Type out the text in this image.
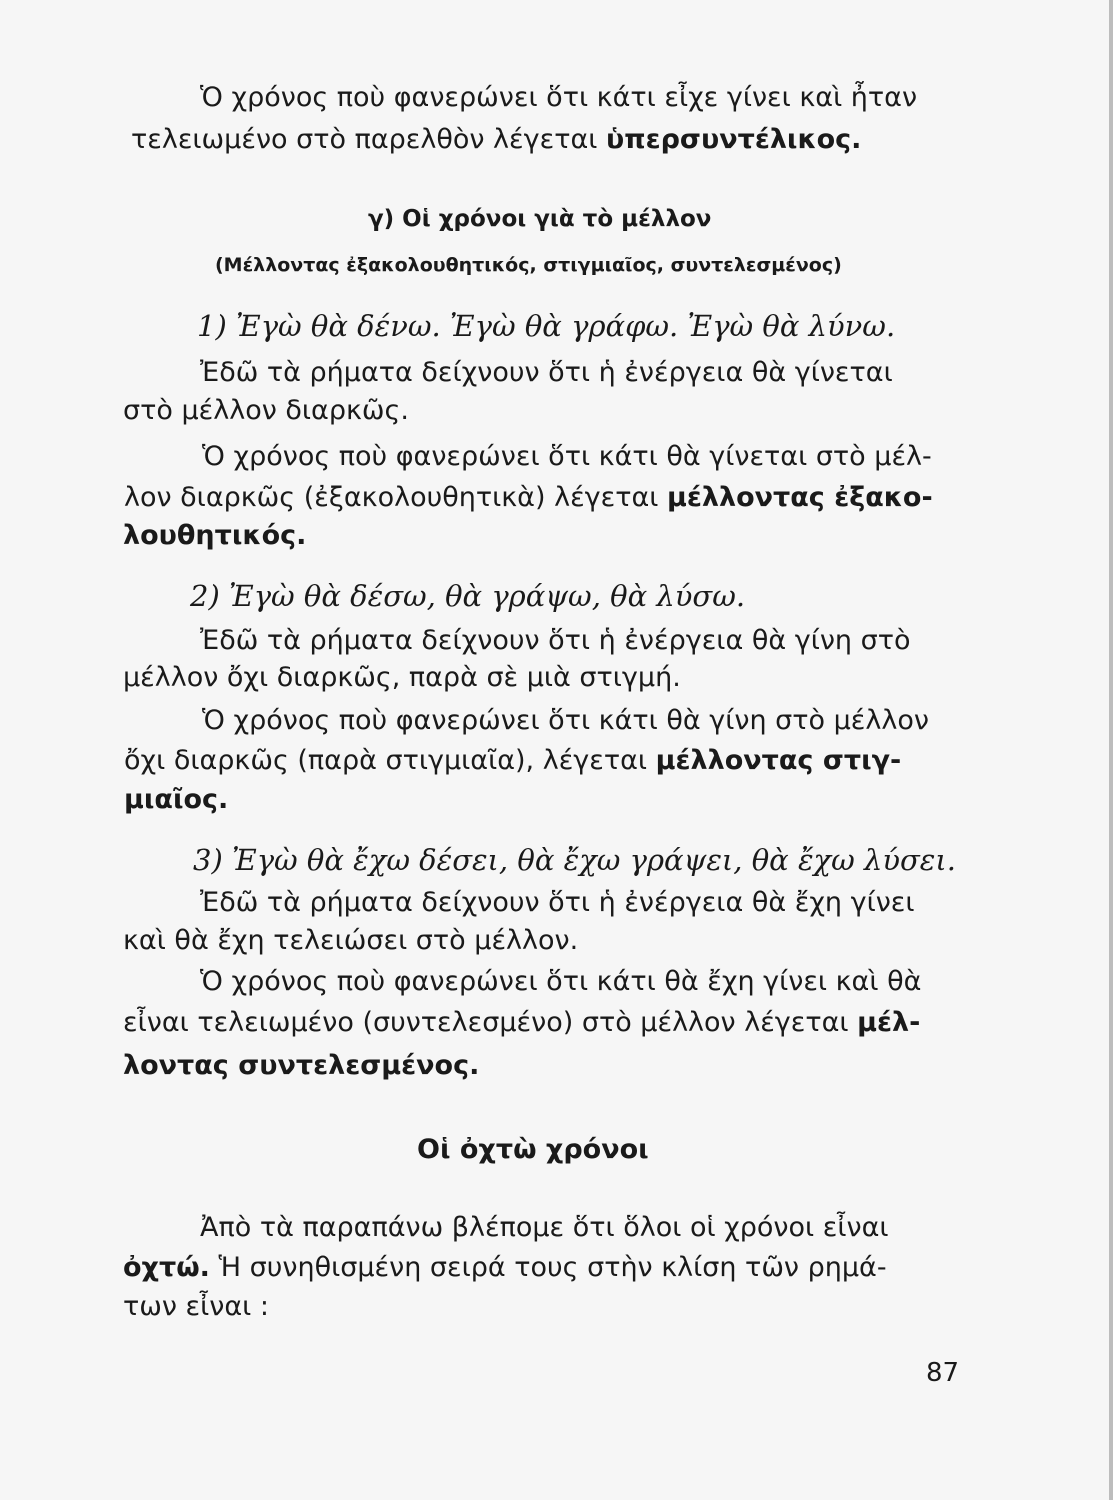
Ὁ χρόνος ποὺ φανερώνει ὅτι κάτι εἶχε γίνει καὶ ἦταν
τελειωμένο στὸ παρελθὸν λέγεται ὑπερσυντέλικος.
γ) Οἱ χρόνοι γιὰ τὸ μέλλον
(Μέλλοντας ἐξακολουθητικός, στιγμιαῖος, συντελεσμένος)
1) Ἐγὼ θὰ δένω. Ἐγὼ θὰ γράφω. Ἐγὼ θὰ λύνω.
Ἐδῶ τὰ ρήματα δείχνουν ὅτι ἡ ἐνέργεια θὰ γίνεται
στὸ μέλλον διαρκῶς.
Ὁ χρόνος ποὺ φανερώνει ὅτι κάτι θὰ γίνεται στὸ μέλ-
λον διαρκῶς (ἐξακολουθητικὰ) λέγεται μέλλοντας ἐξακο-
λουθητικός.
2) Ἐγὼ θὰ δέσω, θὰ γράψω, θὰ λύσω.
Ἐδῶ τὰ ρήματα δείχνουν ὅτι ἡ ἐνέργεια θὰ γίνη στὸ
μέλλον ὄχι διαρκῶς, παρὰ σὲ μιὰ στιγμή.
Ὁ χρόνος ποὺ φανερώνει ὅτι κάτι θὰ γίνη στὸ μέλλον
ὄχι διαρκῶς (παρὰ στιγμιαῖα), λέγεται μέλλοντας στιγ-
μιαῖος.
3) Ἐγὼ θὰ ἔχω δέσει, θὰ ἔχω γράψει, θὰ ἔχω λύσει.
Ἐδῶ τὰ ρήματα δείχνουν ὅτι ἡ ἐνέργεια θὰ ἔχη γίνει
καὶ θὰ ἔχη τελειώσει στὸ μέλλον.
Ὁ χρόνος ποὺ φανερώνει ὅτι κάτι θὰ ἔχη γίνει καὶ θὰ
εἶναι τελειωμένο (συντελεσμένο) στὸ μέλλον λέγεται μέλ-
λοντας συντελεσμένος.
Οἱ ὀχτὼ χρόνοι
Ἀπὸ τὰ παραπάνω βλέπομε ὅτι ὅλοι οἱ χρόνοι εἶναι
ὀχτώ. Ἡ συνηθισμένη σειρά τους στὴν κλίση τῶν ρημά-
των εἶναι :
87
